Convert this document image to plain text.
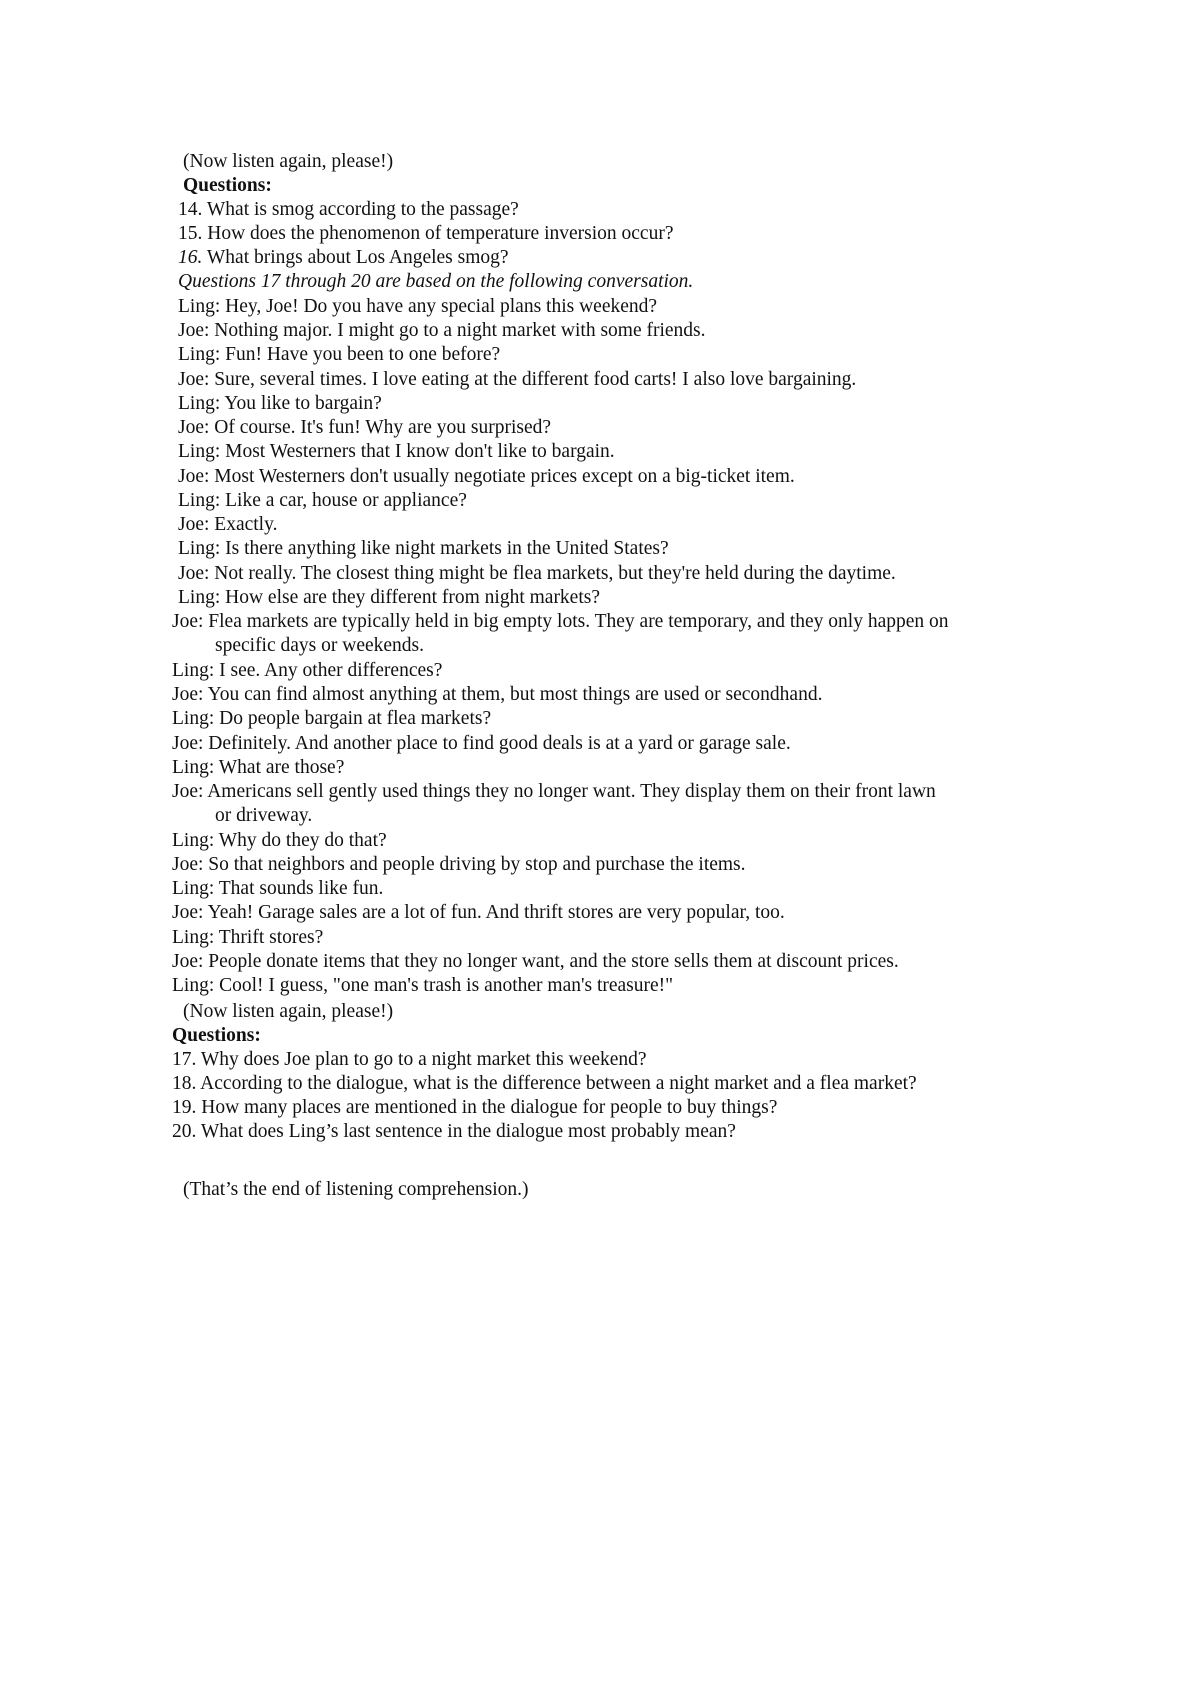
(Now listen again, please!)
Questions:
14. What is smog according to the passage?
15. How does the phenomenon of temperature inversion occur?
16. What brings about Los Angeles smog?
Questions 17 through 20 are based on the following conversation.
Ling: Hey, Joe! Do you have any special plans this weekend?
Joe: Nothing major. I might go to a night market with some friends.
Ling: Fun! Have you been to one before?
Joe: Sure, several times. I love eating at the different food carts! I also love bargaining.
Ling: You like to bargain?
Joe: Of course. It's fun! Why are you surprised?
Ling: Most Westerners that I know don't like to bargain.
Joe: Most Westerners don't usually negotiate prices except on a big-ticket item.
Ling: Like a car, house or appliance?
Joe: Exactly.
Ling: Is there anything like night markets in the United States?
Joe: Not really. The closest thing might be flea markets, but they're held during the daytime.
Ling: How else are they different from night markets?
Joe: Flea markets are typically held in big empty lots. They are temporary, and they only happen on
specific days or weekends.
Ling: I see. Any other differences?
Joe: You can find almost anything at them, but most things are used or secondhand.
Ling: Do people bargain at flea markets?
Joe: Definitely. And another place to find good deals is at a yard or garage sale.
Ling: What are those?
Joe: Americans sell gently used things they no longer want. They display them on their front lawn
or driveway.
Ling: Why do they do that?
Joe: So that neighbors and people driving by stop and purchase the items.
Ling: That sounds like fun.
Joe: Yeah! Garage sales are a lot of fun. And thrift stores are very popular, too.
Ling: Thrift stores?
Joe: People donate items that they no longer want, and the store sells them at discount prices.
Ling: Cool! I guess, "one man's trash is another man's treasure!"
(Now listen again, please!)
Questions:
17. Why does Joe plan to go to a night market this weekend?
18. According to the dialogue, what is the difference between a night market and a flea market?
19. How many places are mentioned in the dialogue for people to buy things?
20. What does Ling’s last sentence in the dialogue most probably mean?
(That’s the end of listening comprehension.)
